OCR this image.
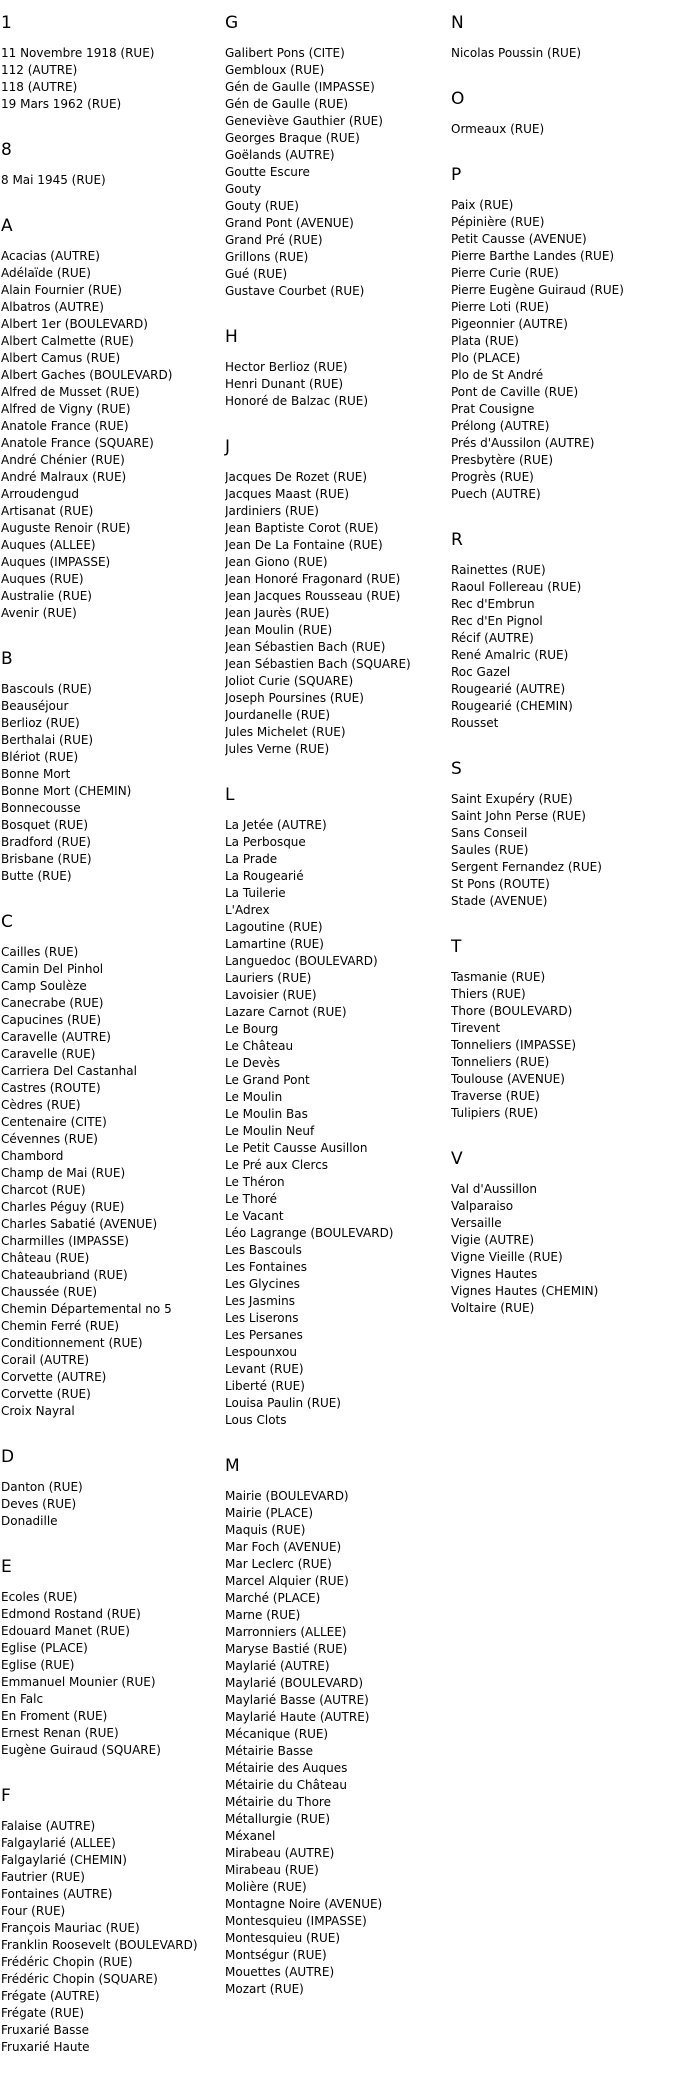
1
11 Novembre 1918 (RUE)
112 (AUTRE)
118 (AUTRE)
19 Mars 1962 (RUE)
8
8 Mai 1945 (RUE)
A
Acacias (AUTRE)
Adélaïde (RUE)
Alain Fournier (RUE)
Albatros (AUTRE)
Albert 1er (BOULEVARD)
Albert Calmette (RUE)
Albert Camus (RUE)
Albert Gaches (BOULEVARD)
Alfred de Musset (RUE)
Alfred de Vigny (RUE)
Anatole France (RUE)
Anatole France (SQUARE)
André Chénier (RUE)
André Malraux (RUE)
Arroudengud
Artisanat (RUE)
Auguste Renoir (RUE)
Auques (ALLEE)
Auques (IMPASSE)
Auques (RUE)
Australie (RUE)
Avenir (RUE)
B
Bascouls (RUE)
Beauséjour
Berlioz (RUE)
Berthalai (RUE)
Blériot (RUE)
Bonne Mort
Bonne Mort (CHEMIN)
Bonnecousse
Bosquet (RUE)
Bradford (RUE)
Brisbane (RUE)
Butte (RUE)
C
Cailles (RUE)
Camin Del Pinhol
Camp Soulèze
Canecrabe (RUE)
Capucines (RUE)
Caravelle (AUTRE)
Caravelle (RUE)
Carriera Del Castanhal
Castres (ROUTE)
Cèdres (RUE)
Centenaire (CITE)
Cévennes (RUE)
Chambord
Champ de Mai (RUE)
Charcot (RUE)
Charles Péguy (RUE)
Charles Sabatié (AVENUE)
Charmilles (IMPASSE)
Château (RUE)
Chateaubriand (RUE)
Chaussée (RUE)
Chemin Départemental no 5
Chemin Ferré (RUE)
Conditionnement (RUE)
Corail (AUTRE)
Corvette (AUTRE)
Corvette (RUE)
Croix Nayral
D
Danton (RUE)
Deves (RUE)
Donadille
E
Ecoles (RUE)
Edmond Rostand (RUE)
Edouard Manet (RUE)
Eglise (PLACE)
Eglise (RUE)
Emmanuel Mounier (RUE)
En Falc
En Froment (RUE)
Ernest Renan (RUE)
Eugène Guiraud (SQUARE)
F
Falaise (AUTRE)
Falgaylarié (ALLEE)
Falgaylarié (CHEMIN)
Fautrier (RUE)
Fontaines (AUTRE)
Four (RUE)
François Mauriac (RUE)
Franklin Roosevelt (BOULEVARD)
Frédéric Chopin (RUE)
Frédéric Chopin (SQUARE)
Frégate (AUTRE)
Frégate (RUE)
Fruxarié Basse
Fruxarié Haute
G
Galibert Pons (CITE)
Gembloux (RUE)
Gén de Gaulle (IMPASSE)
Gén de Gaulle (RUE)
Geneviève Gauthier (RUE)
Georges Braque (RUE)
Goëlands (AUTRE)
Goutte Escure
Gouty
Gouty (RUE)
Grand Pont (AVENUE)
Grand Pré (RUE)
Grillons (RUE)
Gué (RUE)
Gustave Courbet (RUE)
H
Hector Berlioz (RUE)
Henri Dunant (RUE)
Honoré de Balzac (RUE)
J
Jacques De Rozet (RUE)
Jacques Maast (RUE)
Jardiniers (RUE)
Jean Baptiste Corot (RUE)
Jean De La Fontaine (RUE)
Jean Giono (RUE)
Jean Honoré Fragonard (RUE)
Jean Jacques Rousseau (RUE)
Jean Jaurès (RUE)
Jean Moulin (RUE)
Jean Sébastien Bach (RUE)
Jean Sébastien Bach (SQUARE)
Joliot Curie (SQUARE)
Joseph Poursines (RUE)
Jourdanelle (RUE)
Jules Michelet (RUE)
Jules Verne (RUE)
L
La Jetée (AUTRE)
La Perbosque
La Prade
La Rougearié
La Tuilerie
L'Adrex
Lagoutine (RUE)
Lamartine (RUE)
Languedoc (BOULEVARD)
Lauriers (RUE)
Lavoisier (RUE)
Lazare Carnot (RUE)
Le Bourg
Le Château
Le Devès
Le Grand Pont
Le Moulin
Le Moulin Bas
Le Moulin Neuf
Le Petit Causse Ausillon
Le Pré aux Clercs
Le Théron
Le Thoré
Le Vacant
Léo Lagrange (BOULEVARD)
Les Bascouls
Les Fontaines
Les Glycines
Les Jasmins
Les Liserons
Les Persanes
Lespounxou
Levant (RUE)
Liberté (RUE)
Louisa Paulin (RUE)
Lous Clots
M
Mairie (BOULEVARD)
Mairie (PLACE)
Maquis (RUE)
Mar Foch (AVENUE)
Mar Leclerc (RUE)
Marcel Alquier (RUE)
Marché (PLACE)
Marne (RUE)
Marronniers (ALLEE)
Maryse Bastié (RUE)
Maylarié (AUTRE)
Maylarié (BOULEVARD)
Maylarié Basse (AUTRE)
Maylarié Haute (AUTRE)
Mécanique (RUE)
Métairie Basse
Métairie des Auques
Métairie du Château
Métairie du Thore
Métallurgie (RUE)
Méxanel
Mirabeau (AUTRE)
Mirabeau (RUE)
Molière (RUE)
Montagne Noire (AVENUE)
Montesquieu (IMPASSE)
Montesquieu (RUE)
Montségur (RUE)
Mouettes (AUTRE)
Mozart (RUE)
N
Nicolas Poussin (RUE)
O
Ormeaux (RUE)
P
Paix (RUE)
Pépinière (RUE)
Petit Causse (AVENUE)
Pierre Barthe Landes (RUE)
Pierre Curie (RUE)
Pierre Eugène Guiraud (RUE)
Pierre Loti (RUE)
Pigeonnier (AUTRE)
Plata (RUE)
Plo (PLACE)
Plo de St André
Pont de Caville (RUE)
Prat Cousigne
Prélong (AUTRE)
Prés d'Aussilon (AUTRE)
Presbytère (RUE)
Progrès (RUE)
Puech (AUTRE)
R
Rainettes (RUE)
Raoul Follereau (RUE)
Rec d'Embrun
Rec d'En Pignol
Récif (AUTRE)
René Amalric (RUE)
Roc Gazel
Rougearié (AUTRE)
Rougearié (CHEMIN)
Rousset
S
Saint Exupéry (RUE)
Saint John Perse (RUE)
Sans Conseil
Saules (RUE)
Sergent Fernandez (RUE)
St Pons (ROUTE)
Stade (AVENUE)
T
Tasmanie (RUE)
Thiers (RUE)
Thore (BOULEVARD)
Tirevent
Tonneliers (IMPASSE)
Tonneliers (RUE)
Toulouse (AVENUE)
Traverse (RUE)
Tulipiers (RUE)
V
Val d'Aussillon
Valparaiso
Versaille
Vigie (AUTRE)
Vigne Vieille (RUE)
Vignes Hautes
Vignes Hautes (CHEMIN)
Voltaire (RUE)
